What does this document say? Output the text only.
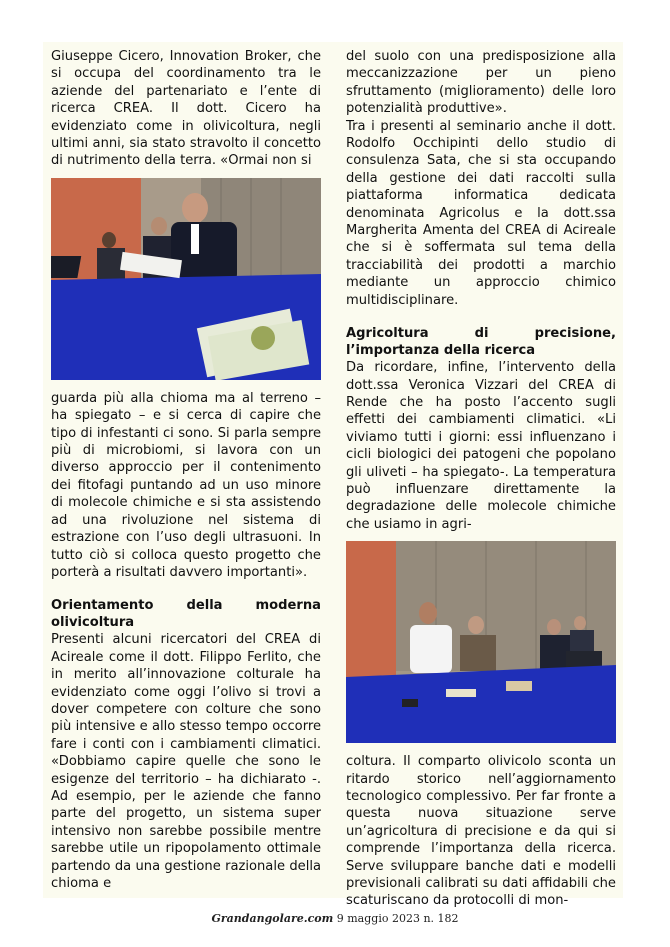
Giuseppe Cicero, Innovation Broker, che si occupa del coordinamento tra le aziende del partenariato e l’ente di ricerca CREA. Il dott. Cicero ha evidenziato come in olivicoltura, negli ultimi anni, sia stato stravolto il concetto di nutrimento della terra. «Ormai non si

guarda più alla chioma ma al terreno – ha spiegato – e si cerca di capire che tipo di infestanti ci sono. Si parla sempre più di microbiomi, si lavora con un diverso approccio per il contenimento dei fitofagi puntando ad un uso minore di molecole chimiche e si sta assistendo ad una rivoluzione nel sistema di estrazione con l’uso degli ultrasuoni. In tutto ciò si colloca questo progetto che porterà a risultati davvero importanti».

Orientamento della moderna olivicoltura

Presenti alcuni ricercatori del CREA di Acireale come il dott. Filippo Ferlito, che in merito all’innovazione colturale ha evidenziato come oggi l’olivo si trovi a dover competere con colture che sono più intensive e allo stesso tempo occorre fare i conti con i cambiamenti climatici. «Dobbiamo capire quelle che sono le esigenze del territorio – ha dichiarato -. Ad esempio, per le aziende che fanno parte del progetto, un sistema super intensivo non sarebbe possibile mentre sarebbe utile un ripopolamento ottimale partendo da una gestione razionale della chioma e

del suolo con una predisposizione alla meccanizzazione per un pieno sfruttamento (miglioramento) delle loro potenzialità produttive».

Tra i presenti al seminario anche il dott. Rodolfo Occhipinti dello studio di consulenza Sata, che si sta occupando della gestione dei dati raccolti sulla piattaforma informatica dedicata denominata Agricolus e la dott.ssa Margherita Amenta del CREA di Acireale che si è soffermata sul tema della tracciabilità dei prodotti a marchio mediante un approccio chimico multidisciplinare.

Agricoltura di precisione, l’importanza della ricerca

Da ricordare, infine, l’intervento della dott.ssa Veronica Vizzari del CREA di Rende che ha posto l’accento sugli effetti dei cambiamenti climatici. «Li viviamo tutti i giorni: essi influenzano i cicli biologici dei patogeni che popolano gli uliveti – ha spiegato-. La temperatura può influenzare direttamente la degradazione delle molecole chimiche che usiamo in agri-

coltura. Il comparto olivicolo sconta un ritardo storico nell’aggiornamento tecnologico complessivo. Per far fronte a questa nuova situazione serve un’agricoltura di precisione e da qui si comprende l’importanza della ricerca. Serve sviluppare banche dati e modelli previsionali calibrati su dati affidabili che scaturiscano da protocolli di mon-

Grandangolare.com 9 maggio 2023 n. 182
